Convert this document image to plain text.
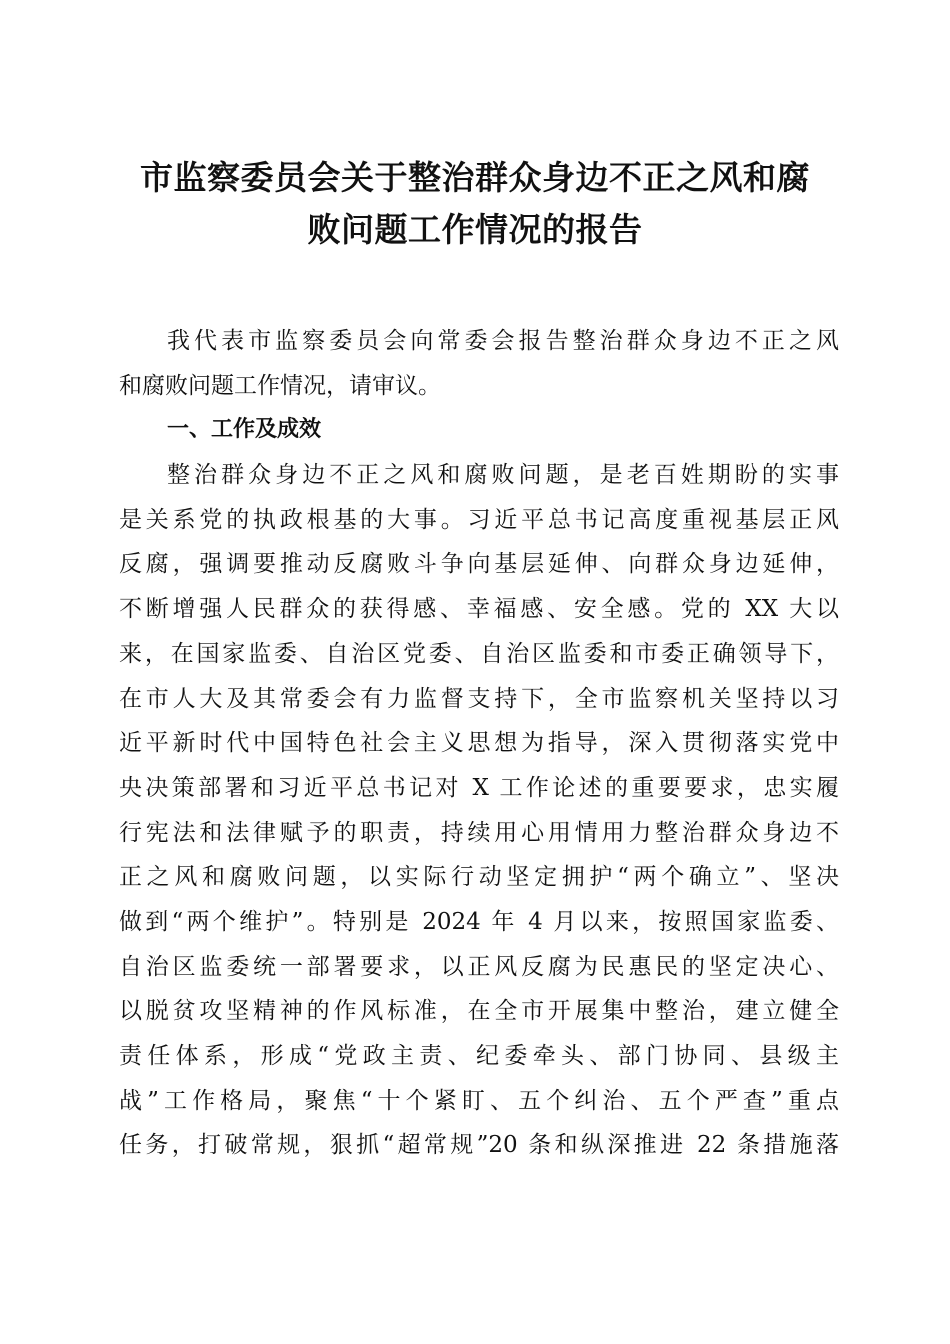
市监察委员会关于整治群众身边不正之风和腐
败问题工作情况的报告
我代表市监察委员会向常委会报告整治群众身边不正之风
和腐败问题工作情况，请审议。
一、工作及成效
整治群众身边不正之风和腐败问题，是老百姓期盼的实事
是关系党的执政根基的大事。习近平总书记高度重视基层正风
反腐，强调要推动反腐败斗争向基层延伸、向群众身边延伸，
不断增强人民群众的获得感、幸福感、安全感。党的 XX 大以
来，在国家监委、自治区党委、自治区监委和市委正确领导下，
在市人大及其常委会有力监督支持下，全市监察机关坚持以习
近平新时代中国特色社会主义思想为指导，深入贯彻落实党中
央决策部署和习近平总书记对 X 工作论述的重要要求，忠实履
行宪法和法律赋予的职责，持续用心用情用力整治群众身边不
正之风和腐败问题，以实际行动坚定拥护“两个确立”、坚决
做到“两个维护”。特别是 2024 年 4 月以来，按照国家监委、
自治区监委统一部署要求，以正风反腐为民惠民的坚定决心、
以脱贫攻坚精神的作风标准，在全市开展集中整治，建立健全
责任体系，形成“党政主责、纪委牵头、部门协同、县级主
战”工作格局，聚焦“十个紧盯、五个纠治、五个严查”重点
任务，打破常规，狠抓“超常规”20 条和纵深推进 22 条措施落
